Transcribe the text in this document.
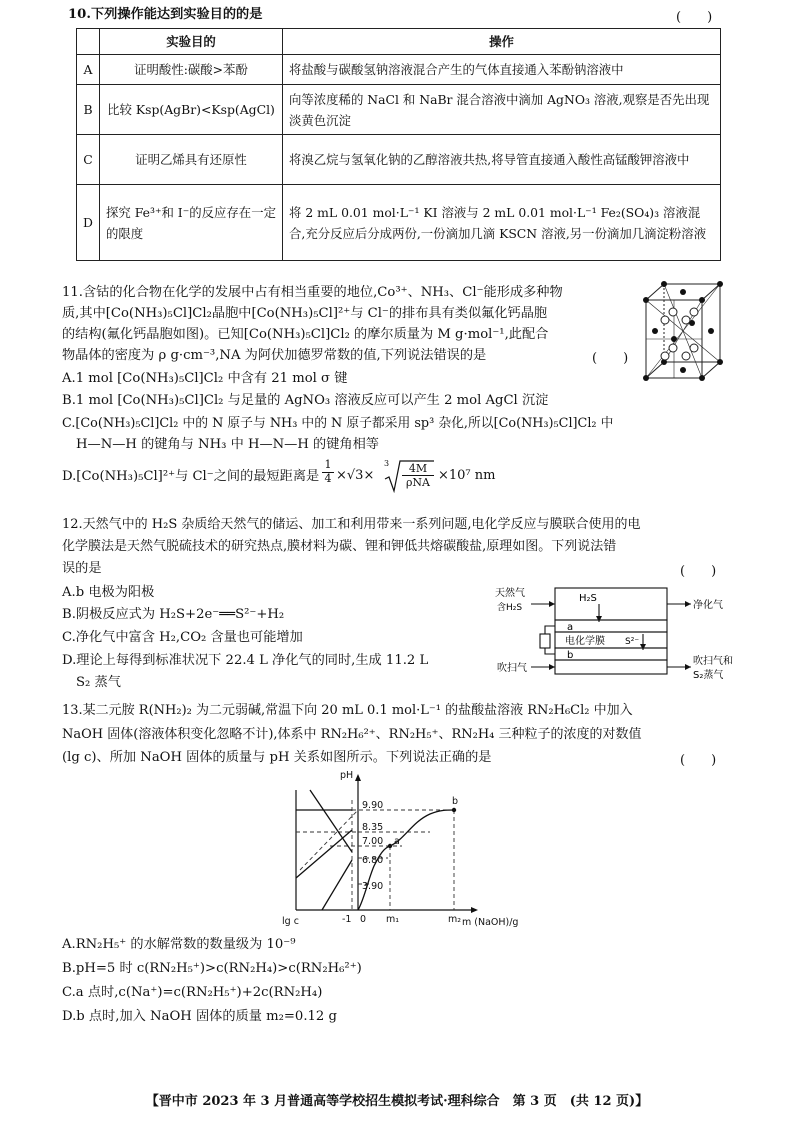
10.下列操作能达到实验目的的是	(　　)
	实验目的	操作
A	证明酸性:碳酸>苯酚	将盐酸与碳酸氢钠溶液混合产生的气体直接通入苯酚钠溶液中
B	比较 Ksp(AgBr)<Ksp(AgCl)	向等浓度稀的 NaCl 和 NaBr 混合溶液中滴加 AgNO₃ 溶液,观察是否先出现淡黄色沉淀
C	证明乙烯具有还原性	将溴乙烷与氢氧化钠的乙醇溶液共热,将导管直接通入酸性高锰酸钾溶液中
D	探究 Fe³⁺和 I⁻的反应存在一定的限度	将 2 mL 0.01 mol·L⁻¹ KI 溶液与 2 mL 0.01 mol·L⁻¹ Fe₂(SO₄)₃ 溶液混合,充分反应后分成两份,一份滴加几滴 KSCN 溶液,另一份滴加几滴淀粉溶液
11.含钴的化合物在化学的发展中占有相当重要的地位,Co³⁺、NH₃、Cl⁻能形成多种物
质,其中[Co(NH₃)₅Cl]Cl₂晶胞中[Co(NH₃)₅Cl]²⁺与 Cl⁻的排布具有类似氟化钙晶胞
的结构(氟化钙晶胞如图)。已知[Co(NH₃)₅Cl]Cl₂ 的摩尔质量为 M g·mol⁻¹,此配合
物晶体的密度为 ρ g·cm⁻³,NA 为阿伏加德罗常数的值,下列说法错误的是	(　　)
A.1 mol [Co(NH₃)₅Cl]Cl₂ 中含有 21 mol σ 键
B.1 mol [Co(NH₃)₅Cl]Cl₂ 与足量的 AgNO₃ 溶液反应可以产生 2 mol AgCl 沉淀
C.[Co(NH₃)₅Cl]Cl₂ 中的 N 原子与 NH₃ 中的 N 原子都采用 sp³ 杂化,所以[Co(NH₃)₅Cl]Cl₂ 中
H—N—H 的键角与 NH₃ 中 H—N—H 的键角相等
D.[Co(NH₃)₅Cl]²⁺与 Cl⁻之间的最短距离是 $\frac{1}{4} \times√3\times$
3	4M
ρNA ×10⁷ nm
12.天然气中的 H₂S 杂质给天然气的储运、加工和利用带来一系列问题,电化学反应与膜联合使用的电
化学膜法是天然气脱硫技术的研究热点,膜材料为碳、锂和钾低共熔碳酸盐,原理如图。下列说法错
误的是	(　　)
A.b 电极为阳极
B.阴极反应式为 H₂S+2e⁻══S²⁻+H₂
C.净化气中富含 H₂,CO₂ 含量也可能增加
D.理论上每得到标准状况下 22.4 L 净化气的同时,生成 11.2 L
S₂ 蒸气
天然气
含H₂S
H₂S
净化气
a
电化学膜 S²⁻
b
吹扫气
吹扫气和
S₂蒸气
13.某二元胺 R(NH₂)₂ 为二元弱碱,常温下向 20 mL 0.1 mol·L⁻¹ 的盐酸盐溶液 RN₂H₆Cl₂ 中加入
NaOH 固体(溶液体积变化忽略不计),体系中 RN₂H₆²⁺、RN₂H₅⁺、RN₂H₄ 三种粒子的浓度的对数值
(lg c)、所加 NaOH 固体的质量与 pH 关系如图所示。下列说法正确的是	(　　)
pH
9.90
8.35
7.00
6.80
3.90
lg c	-1 0 m₁	m₂ m (NaOH)/g
a
b
A.RN₂H₅⁺ 的水解常数的数量级为 10⁻⁹
B.pH=5 时 c(RN₂H₅⁺)>c(RN₂H₄)>c(RN₂H₆²⁺)
C.a 点时,c(Na⁺)=c(RN₂H₅⁺)+2c(RN₂H₄)
D.b 点时,加入 NaOH 固体的质量 m₂=0.12 g
【晋中市 2023 年 3 月普通高等学校招生模拟考试·理科综合　第 3 页　(共 12 页)】
